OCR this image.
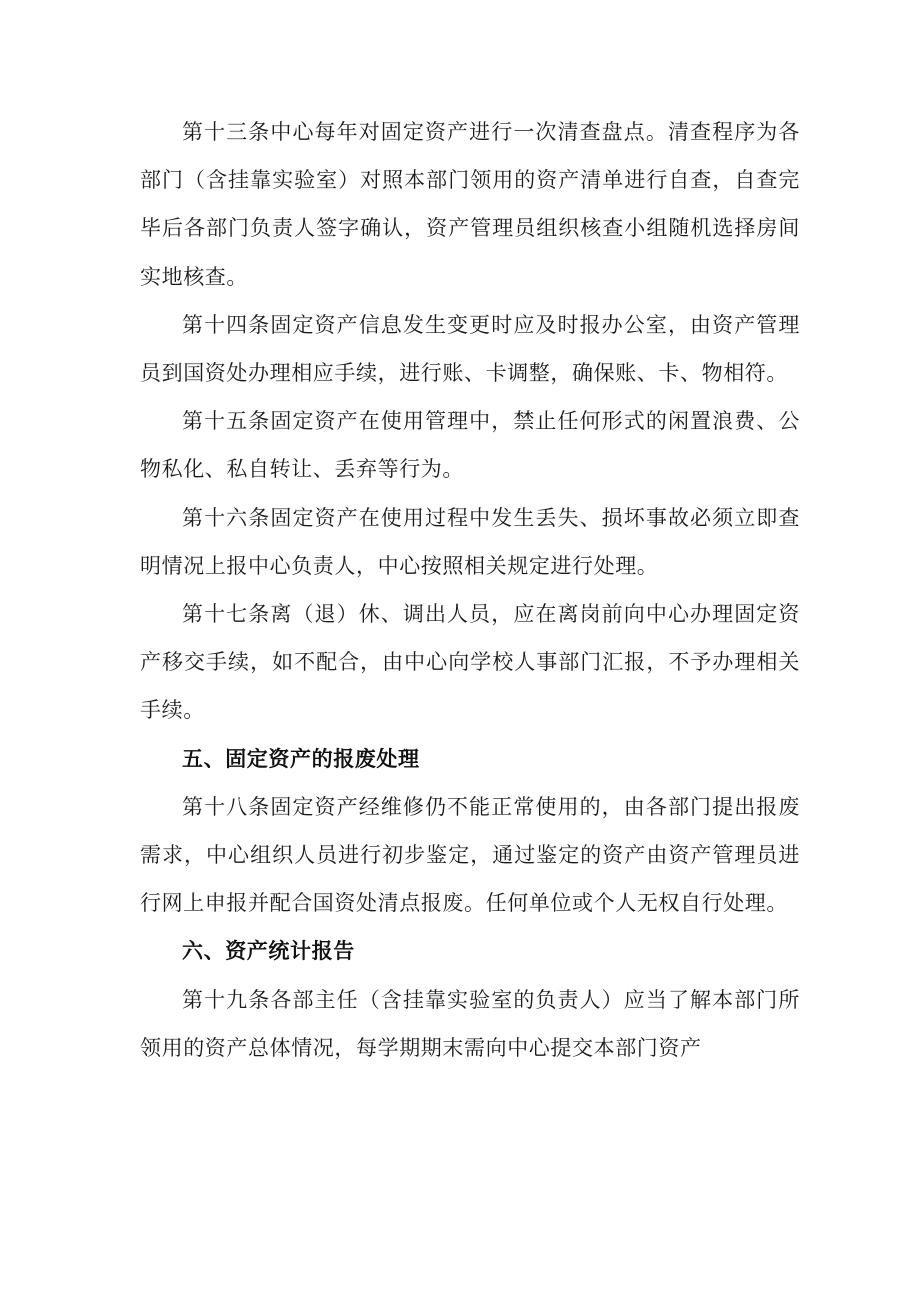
第十三条中心每年对固定资产进行一次清查盘点。清查程序为各部门（含挂靠实验室）对照本部门领用的资产清单进行自查，自查完毕后各部门负责人签字确认，资产管理员组织核查小组随机选择房间实地核查。

第十四条固定资产信息发生变更时应及时报办公室，由资产管理员到国资处办理相应手续，进行账、卡调整，确保账、卡、物相符。

第十五条固定资产在使用管理中，禁止任何形式的闲置浪费、公物私化、私自转让、丢弃等行为。

第十六条固定资产在使用过程中发生丢失、损坏事故必须立即查明情况上报中心负责人，中心按照相关规定进行处理。

第十七条离（退）休、调出人员，应在离岗前向中心办理固定资产移交手续，如不配合，由中心向学校人事部门汇报，不予办理相关手续。

五、固定资产的报废处理

第十八条固定资产经维修仍不能正常使用的，由各部门提出报废需求，中心组织人员进行初步鉴定，通过鉴定的资产由资产管理员进行网上申报并配合国资处清点报废。任何单位或个人无权自行处理。

六、资产统计报告

第十九条各部主任（含挂靠实验室的负责人）应当了解本部门所领用的资产总体情况，每学期期末需向中心提交本部门资产
